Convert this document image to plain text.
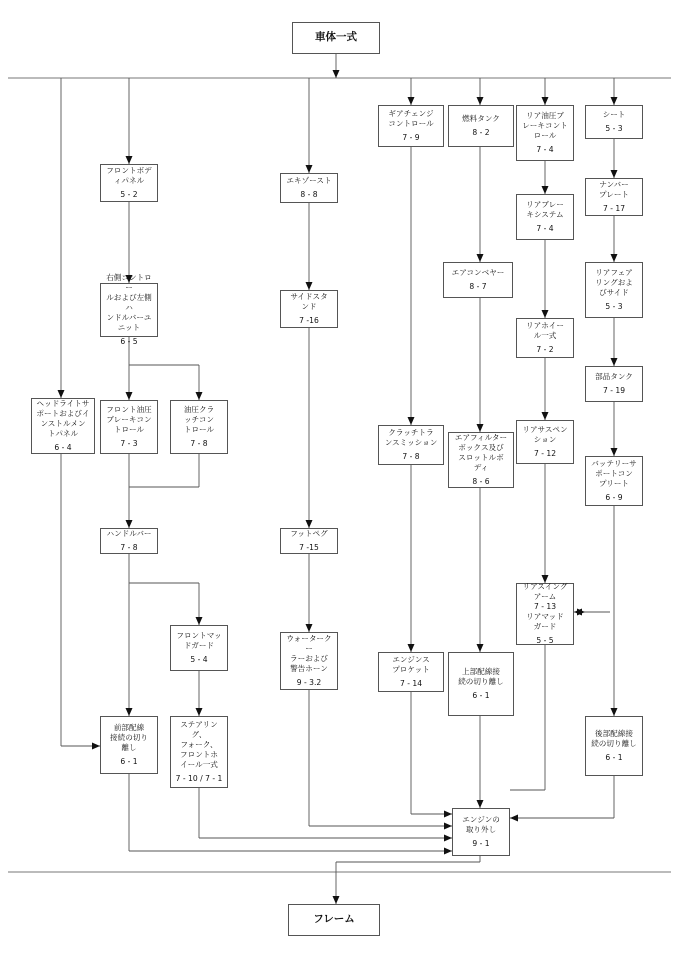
車体一式
フレーム
ギアチェンジ
コントロール
7 - 9
燃料タンク
8 - 2
リア油圧ブ
レーキコント
ロール
7 - 4
シート
5 - 3
フロントボデ
ィパネル
5 - 2
エキゾースト
8 - 8
ナンバー
プレート
7 - 17
リアブレー
キシステム
7 - 4
エアコンベヤー
8 - 7
右側コントロー
ルおよび左側ハ
ンドルバーユ
ニット
6 - 5
サイドスタ
ンド
7 -16
リアフェア
リングおよ
びサイド
5 - 3
リアホイー
ル一式
7 - 2
部品タンク
7 - 19
ヘッドライトサ
ポートおよびイ
ンストルメン
トパネル
6 - 4
フロント油圧
ブレーキコン
トロール
7 - 3
油圧クラ
ッチコン
トロール
7 - 8
クラッチトラ
ンスミッション
7 - 8
エアフィルター
ボックス及び
スロットルボ
ディ
8 - 6
リアサスペン
ション
7 - 12
バッテリーサ
ポートコン
プリート
6 - 9
ハンドルバー
7 - 8
フットペグ
7 -15
リアスイング
アーム
7 - 13
リアマッド
ガード
5 - 5
フロントマッ
ドガード
5 - 4
ウォータークー
ラーおよび
警告ホーン
9 - 3.2
エンジンス
プロケット
7 - 14
上部配線接
続の切り離し
6 - 1
前部配線
接続の切り
離し
6 - 1
ステアリング、
フォーク、
フロントホ
イール一式
7 - 10 / 7 - 1
後部配線接
続の切り離し
6 - 1
エンジンの
取り外し
9 - 1
